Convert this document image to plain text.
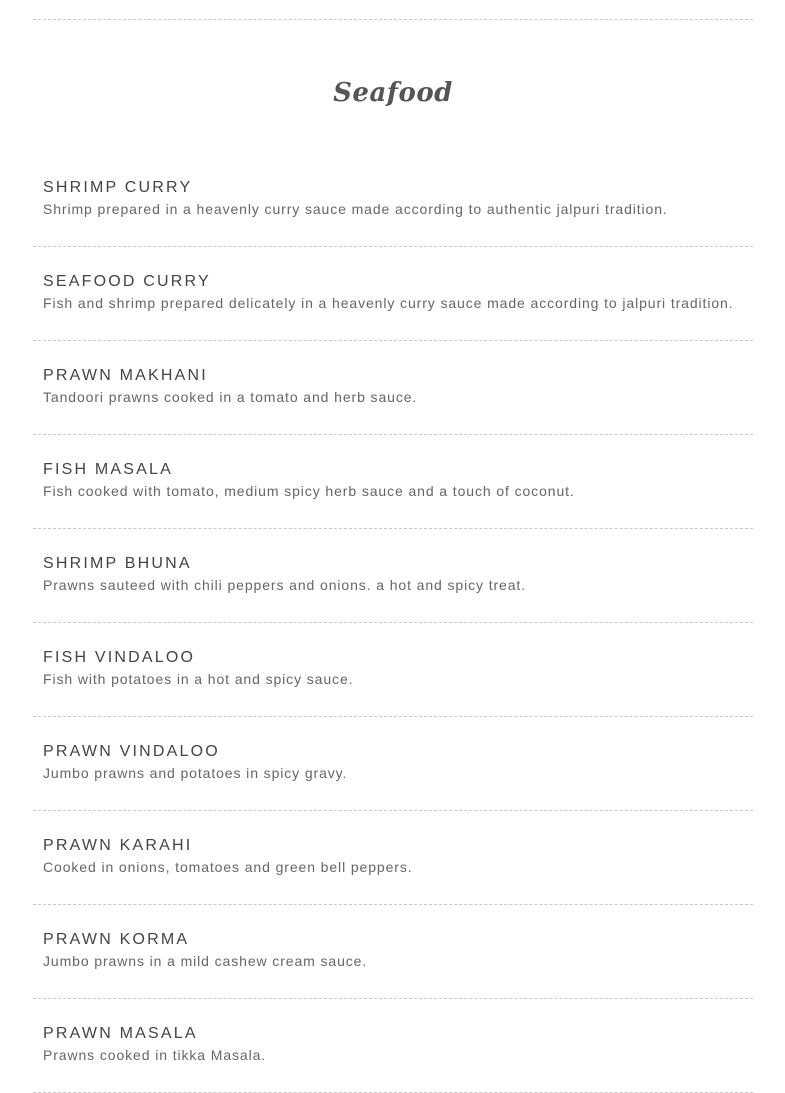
Seafood
SHRIMP CURRY
Shrimp prepared in a heavenly curry sauce made according to authentic jalpuri tradition.
SEAFOOD CURRY
Fish and shrimp prepared delicately in a heavenly curry sauce made according to jalpuri tradition.
PRAWN MAKHANI
Tandoori prawns cooked in a tomato and herb sauce.
FISH MASALA
Fish cooked with tomato, medium spicy herb sauce and a touch of coconut.
SHRIMP BHUNA
Prawns sauteed with chili peppers and onions. a hot and spicy treat.
FISH VINDALOO
Fish with potatoes in a hot and spicy sauce.
PRAWN VINDALOO
Jumbo prawns and potatoes in spicy gravy.
PRAWN KARAHI
Cooked in onions, tomatoes and green bell peppers.
PRAWN KORMA
Jumbo prawns in a mild cashew cream sauce.
PRAWN MASALA
Prawns cooked in tikka Masala.
